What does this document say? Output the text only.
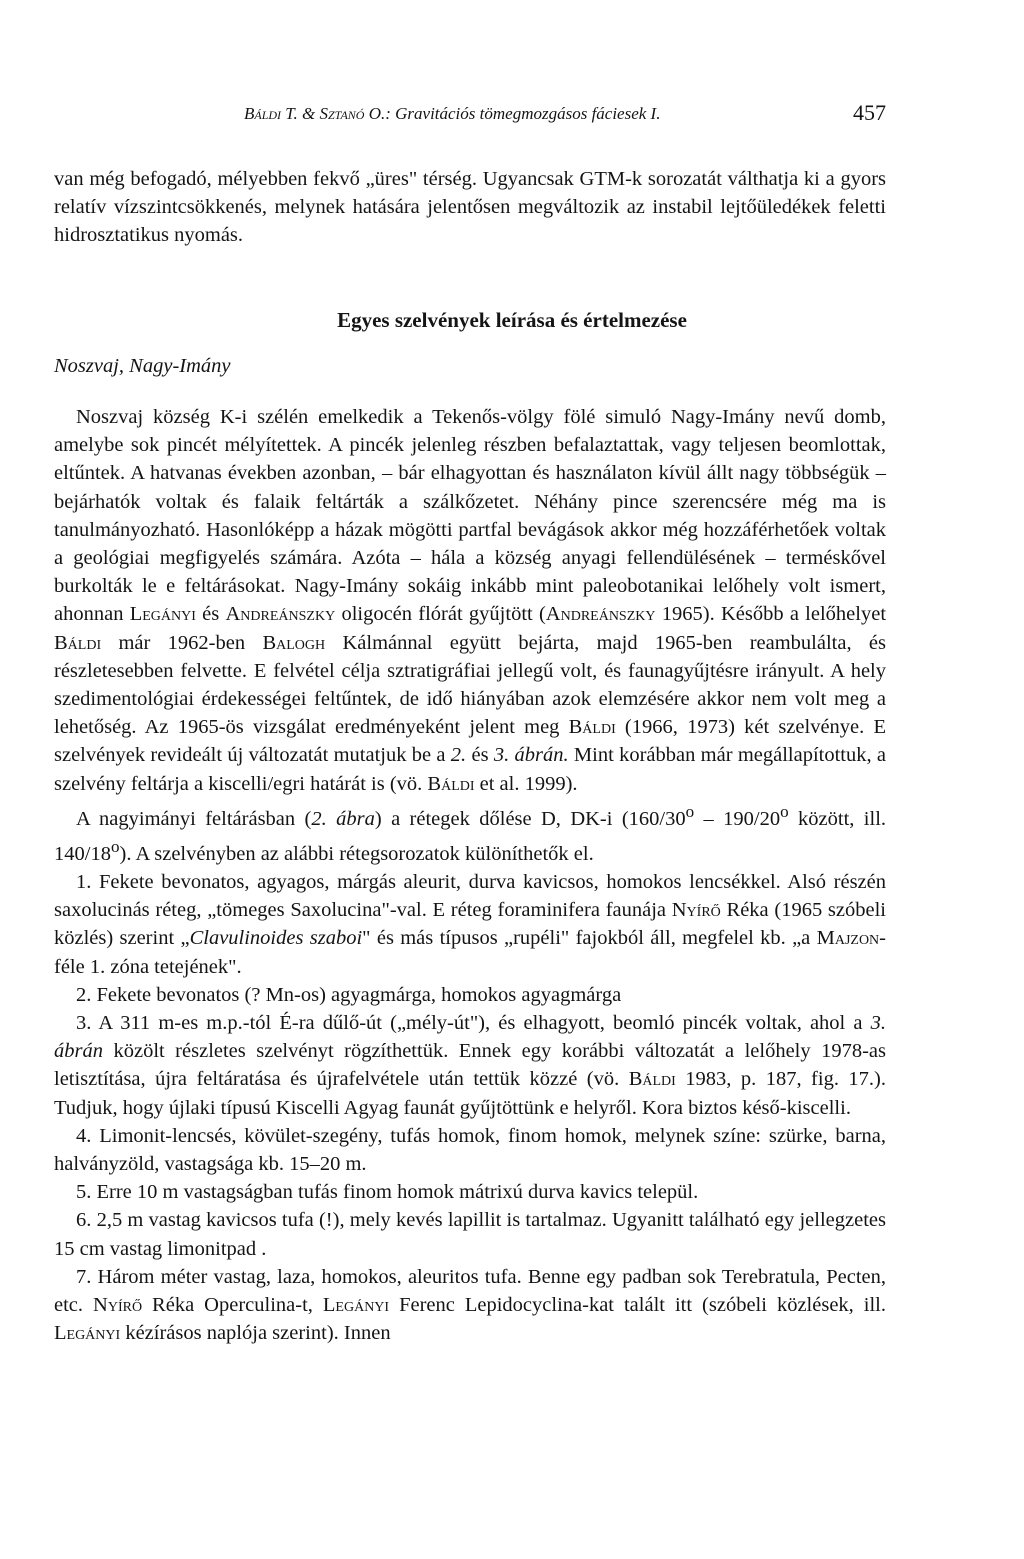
Báldi T. & Sztanó O.: Gravitációs tömegmozgásos fáciesek I.	457

van még befogadó, mélyebben fekvő „üres" térség. Ugyancsak GTM-k sorozatát válthatja ki a gyors relatív vízszintcsökkenés, melynek hatására jelentősen megváltozik az instabil lejtőüledékek feletti hidrosztatikus nyomás.

Egyes szelvények leírása és értelmezése
Noszvaj, Nagy-Imány

Noszvaj község K-i szélén emelkedik a Tekenős-völgy fölé simuló Nagy-Imány nevű domb, amelybe sok pincét mélyítettek. A pincék jelenleg részben befalaztattak, vagy teljesen beomlottak, eltűntek. A hatvanas években azonban, – bár elhagyottan és használaton kívül állt nagy többségük – bejárhatók voltak és falaik feltárták a szálkőzetet. Néhány pince szerencsére még ma is tanulmányozható. Hasonlóképp a házak mögötti partfal bevágások akkor még hozzáférhetőek voltak a geológiai megfigyelés számára. Azóta – hála a község anyagi fellendülésének – terméskővel burkolták le e feltárásokat. Nagy-Imány sokáig inkább mint paleobotanikai lelőhely volt ismert, ahonnan Legányi és Andreánszky oligocén flórát gyűjtött (Andreánszky 1965). Később a lelőhelyet Báldi már 1962-ben Balogh Kálmánnal együtt bejárta, majd 1965-ben reambulálta, és részletesebben felvette. E felvétel célja sztratigráfiai jellegű volt, és faunagyűjtésre irányult. A hely szedimentológiai érdekességei feltűntek, de idő hiányában azok elemzésére akkor nem volt meg a lehetőség. Az 1965-ös vizsgálat eredményeként jelent meg Báldi (1966, 1973) két szelvénye. E szelvények revideált új változatát mutatjuk be a 2. és 3. ábrán. Mint korábban már megállapítottuk, a szelvény feltárja a kiscelli/egri határát is (vö. Báldi et al. 1999).

A nagyimányi feltárásban (2. ábra) a rétegek dőlése D, DK-i (160/30$^o$ – 190/20$^o$ között, ill. 140/18$^o$). A szelvényben az alábbi rétegsorozatok különíthetők el.

1. Fekete bevonatos, agyagos, márgás aleurit, durva kavicsos, homokos lencsékkel. Alsó részén saxolucinás réteg, „tömeges Saxolucina"-val. E réteg foraminifera faunája Nyírő Réka (1965 szóbeli közlés) szerint „Clavulinoides szaboi" és más típusos „rupéli" fajokból áll, megfelel kb. „a Majzon-féle 1. zóna tetejének".

2. Fekete bevonatos (? Mn-os) agyagmárga, homokos agyagmárga

3. A 311 m-es m.p.-tól É-ra dűlő-út („mély-út"), és elhagyott, beomló pincék voltak, ahol a 3. ábrán közölt részletes szelvényt rögzíthettük. Ennek egy korábbi változatát a lelőhely 1978-as letisztítása, újra feltáratása és újrafelvétele után tettük közzé (vö. Báldi 1983, p. 187, fig. 17.). Tudjuk, hogy újlaki típusú Kiscelli Agyag faunát gyűjtöttünk e helyről. Kora biztos késő-kiscelli.

4. Limonit-lencsés, kövület-szegény, tufás homok, finom homok, melynek színe: szürke, barna, halványzöld, vastagsága kb. 15–20 m.

5. Erre 10 m vastagságban tufás finom homok mátrixú durva kavics települ.

6. 2,5 m vastag kavicsos tufa (!), mely kevés lapillit is tartalmaz. Ugyanitt található egy jellegzetes 15 cm vastag limonitpad .

7. Három méter vastag, laza, homokos, aleuritos tufa. Benne egy padban sok Terebratula, Pecten, etc. Nyírő Réka Operculina-t, Legányi Ferenc Lepidocyclina-kat talált itt (szóbeli közlések, ill. Legányi kézírásos naplója szerint). Innen
